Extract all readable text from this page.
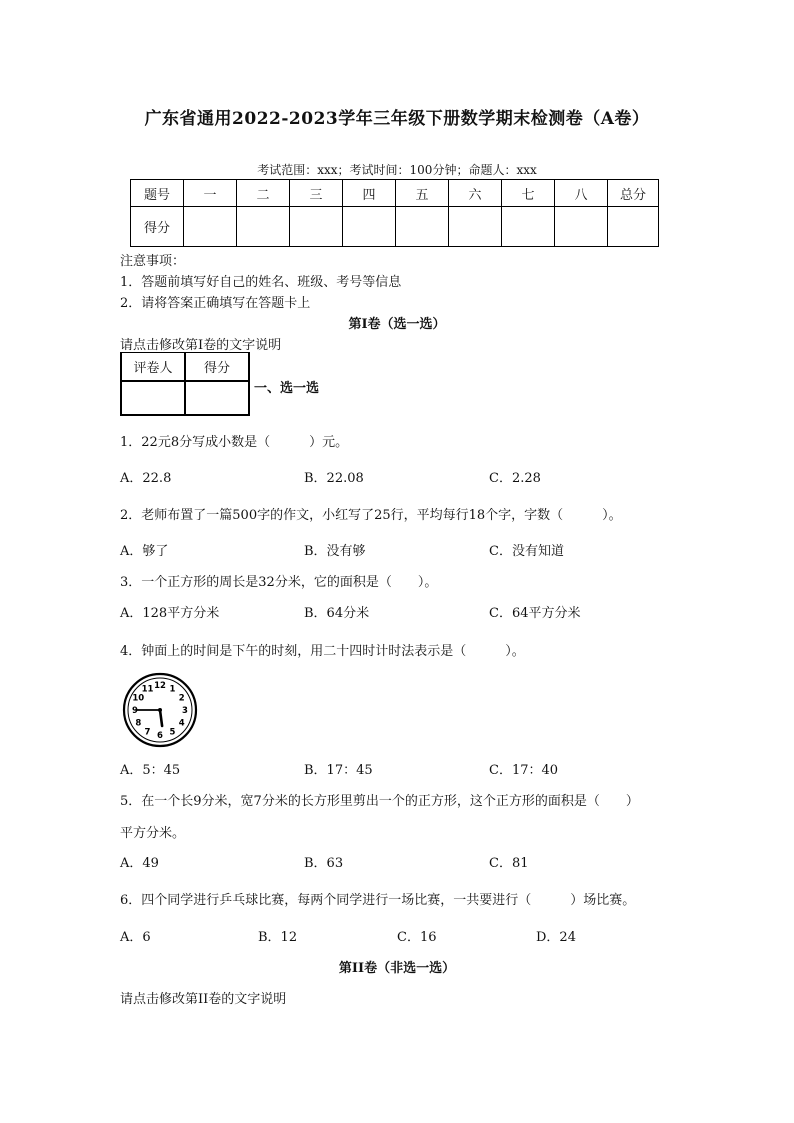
广东省通用2022-2023学年三年级下册数学期末检测卷（A卷）
考试范围：xxx；考试时间：100分钟；命题人：xxx
题号	一	二	三	四	五	六	七	八	总分
得分									
注意事项：
1．答题前填写好自己的姓名、班级、考号等信息
2．请将答案正确填写在答题卡上
第I卷（选一选）
请点击修改第I卷的文字说明
评卷人	得分

一、选一选
1．22元8分写成小数是（　　　）元。
A．22.8	B．22.08	C．2.28
2．老师布置了一篇500字的作文，小红写了25行，平均每行18个字，字数（　　　）。
A．够了	B．没有够	C．没有知道
3．一个正方形的周长是32分米，它的面积是（　　）。
A．128平方分米	B．64分米	C．64平方分米
4．钟面上的时间是下午的时刻，用二十四时计时法表示是（　　　）。
12 1
2
3
4
5
6
7
8
9
10
11
A．5：45	B．17：45	C．17：40
5．在一个长9分米，宽7分米的长方形里剪出一个的正方形，这个正方形的面积是（　　）
平方分米。
A．49	B．63	C．81
6．四个同学进行乒乓球比赛，每两个同学进行一场比赛，一共要进行（　　　）场比赛。
A．6	B．12	C．16	D．24
第II卷（非选一选）
请点击修改第II卷的文字说明
